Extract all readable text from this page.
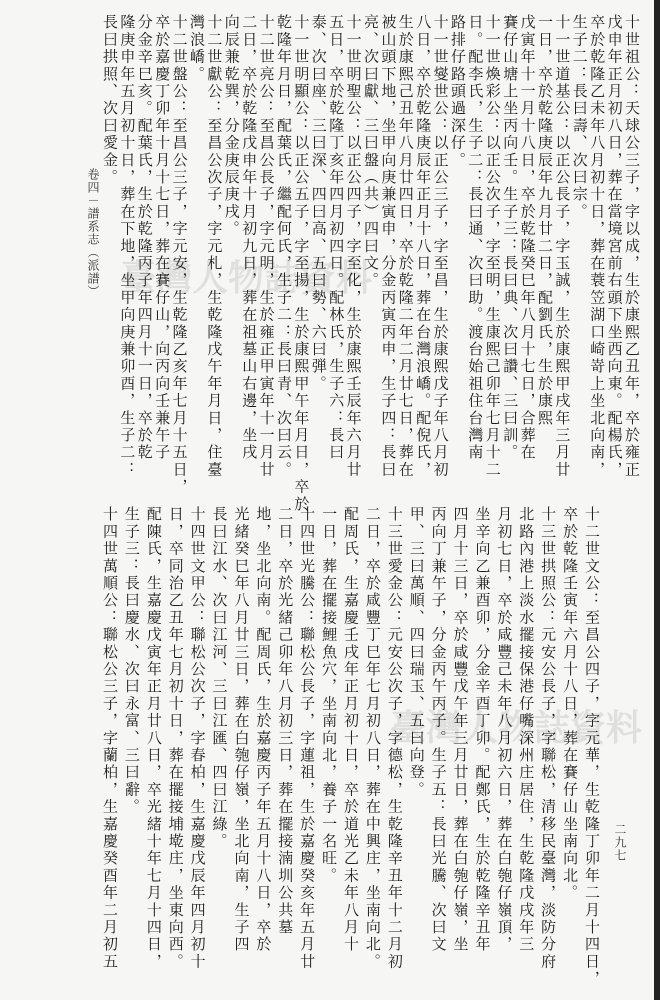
卷四－譜系志（派譜）
二九七
臺灣人物誌資料
臺灣人物誌資料
十世祖公：天球公三子，字以成，生於康熙乙丑年，卒於雍正
戊申年正月初八日，葬在當境宮前右頭下坐西向東。配楊氏，
卒於乾隆乙未年八月初十日，葬在蓑笠湖口崎嵜上坐北向南，
生子二：長曰壽、次曰宗。
十一世道基公：以正公長子，字玉誠，生於康熙甲戌年三月廿
一日，卒於乾隆庚辰年九月廿二日，配劉氏，生於康熙
戊寅年十一月十八日，卒於乾隆癸巳年八月十七日，合葬在
賽仔山塘上坐丙向壬。生子三：長曰典、次曰讚、三曰訓。
十一世煥彩公：以正公次子，字至明，生康熙己卯年七月十二
日。配李氏，生子二：長曰通、次曰助。渡台始祖住台灣南
路排仔路頭過深仔。
十一世燮世公：以正公三子，字至昌，生於康熙戊子年八月初
八日，卒於乾隆庚辰年正月十八日，葬在台灣浪嶠。配倪氏，
生於康熙己丑年八月廿四日，卒於乾隆二年二月廿七日，葬在
被山頭下地，坐甲向庚兼寅申，分金丙寅丙申，生子四：長曰
亮、次曰獻、三曰盤（共）四曰文。
十一世明聖公：以正公四子，字至化，生於康熙壬辰年六月廿
五日，卒於乾隆丁亥年四月初四日。配林氏，生子六：長曰
泰、次曰座、三曰深、四曰高、五曰勢、六曰弾。
十一世明顯公：以正公五子，字至揚，生於康熙甲午年月日，卒於
乾隆年月日，配葉氏，繼配何氏，生子二：長曰青、次曰云。
十二世亮公：至昌公長子，字元明，生於雍正甲寅年十一月廿
二日，卒於乾隆戊申年十月初九日，葬在祖墓山右邊，坐戌
向辰兼乾巽，分金庚辰庚戌。
十二世獻公：至昌公次子，字元札，生乾隆戊午年月日，住臺
灣浪嶠。
十二世盤公：至昌公三子，字元安，生乾隆乙亥年七月十五日，
卒於嘉慶丁卯年十月十七日，葬在賽仔山，向丙向壬兼午子
分金辛巳亥。配葉氏，生於乾隆丙子年四月十一日，卒於乾
隆庚申年五月初十日，葬在下地，坐甲向庚兼卯酉，生子二：
長曰拱照、次曰愛金。
十二世文公：至昌公四子，字元華，生乾隆丁卯年二月十四日，
卒於乾隆壬寅年六月十八日，葬在賽仔山坐南向北。
十三世拱照公：元安公長子，字聯松，清移民臺灣，淡防分府
北路內港上淡水擺接保港仔嘴深州庄居住，生乾隆戊戌年三
月初七日，卒於咸豐己未年八月初六日，葬在白匏仔嶺頂，
坐辛向乙兼酉卯，分金辛酉丁卯。配鄭氏，生於乾隆辛丑年
四月十三日，卒於咸豐戊午年三月廿日，葬在白匏仔嶺，坐
丙向丁兼午子，分金丙午丙子。生子五：長曰光騰、次曰文
甲、三曰萬順、四曰瑞玉、五曰向登。
十三世愛金公：元安公次子，字德松，生乾隆辛丑年十二月初
二日，卒於咸豐丁巳年七月初八日，葬在中興庄，坐南向北。
配周氏，生嘉慶壬戌年正月初十日，卒於道光乙未年八月十
一日，葬在擺接鯉魚穴，坐南向北，養子一名旺。
十四世光騰公：聯松公長子，字蓮祖，生於嘉慶癸亥年五月廿
二日，卒於光緒己卯年八月初三日，葬在擺接湳圳公共墓
地，坐北向南。配周氏，生於嘉慶丙子年五月十八日，卒於
光緒癸巳年八月廿三日，葬在白匏仔嶺，坐北向南，生子四
長曰江水、次曰江河、三曰江匯、四曰江綠。
十四世文甲公：聯松公次子，字春柏，生嘉慶戊辰年四月初十
日，卒同治乙丑年七月初十日，葬在擺接埔墘庄，坐東向西。
配陳氏，生嘉慶戊寅年正月廿八日，卒光緒十年七月十四日，
生子三：長曰慶水、次曰永富、三曰辭。
十四世萬順公：聯松公三子，字蘭柏，生嘉慶癸酉年二月初五
